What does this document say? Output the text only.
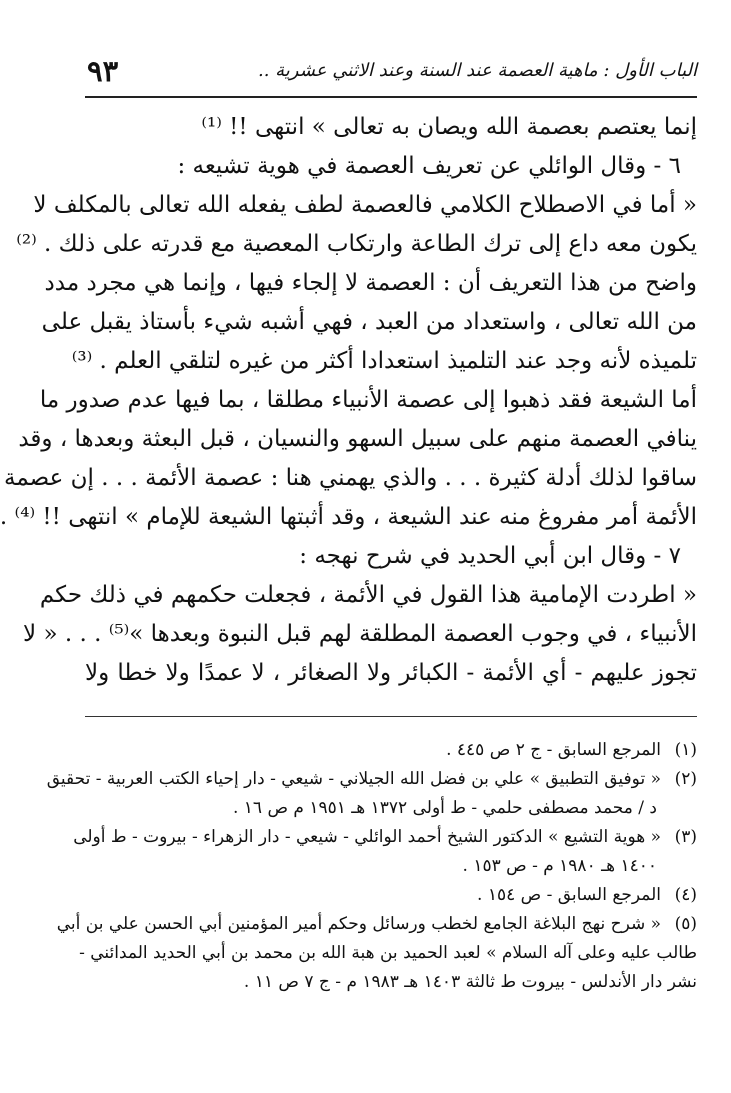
الباب الأول : ماهية العصمة عند السنة وعند الاثني عشرية ..
٩٣
إنما يعتصم بعصمة الله ويصان به تعالى » انتهى !! ⁽¹⁾
٦ - وقال الوائلي عن تعريف العصمة في هوية تشيعه :
« أما في الاصطلاح الكلامي فالعصمة لطف يفعله الله تعالى بالمكلف لا
يكون معه داع إلى ترك الطاعة وارتكاب المعصية مع قدرته على ذلك . ⁽²⁾
واضح من هذا التعريف أن : العصمة لا إلجاء فيها ، وإنما هي مجرد مدد
من الله تعالى ، واستعداد من العبد ، فهي أشبه شيء بأستاذ يقبل على
تلميذه لأنه وجد عند التلميذ استعدادا أكثر من غيره لتلقي العلم . ⁽³⁾
أما الشيعة فقد ذهبوا إلى عصمة الأنبياء مطلقا ، بما فيها عدم صدور ما
ينافي العصمة منهم على سبيل السهو والنسيان ، قبل البعثة وبعدها ، وقد
ساقوا لذلك أدلة كثيرة . . . والذي يهمني هنا : عصمة الأئمة . . . إن عصمة
الأئمة أمر مفروغ منه عند الشيعة ، وقد أثبتها الشيعة للإمام » انتهى !! ⁽⁴⁾ .
٧ - وقال ابن أبي الحديد في شرح نهجه :
« اطردت الإمامية هذا القول في الأئمة ، فجعلت حكمهم في ذلك حكم
الأنبياء ، في وجوب العصمة المطلقة لهم قبل النبوة وبعدها »⁽⁵⁾ . . . « لا
تجوز عليهم - أي الأئمة - الكبائر ولا الصغائر ، لا عمدًا ولا خطا ولا
(١)المرجع السابق - ج ٢ ص ٤٤٥ .
(٢)« توفيق التطبيق » علي بن فضل الله الجيلاني - شيعي - دار إحياء الكتب العربية - تحقيق
د / محمد مصطفى حلمي - ط أولى ١٣٧٢ هـ ١٩٥١ م ص ١٦ .
(٣)« هوية التشيع » الدكتور الشيخ أحمد الوائلي - شيعي - دار الزهراء - بيروت - ط أولى
١٤٠٠ هـ ١٩٨٠ م - ص ١٥٣ .
(٤)المرجع السابق - ص ١٥٤ .
(٥)« شرح نهج البلاغة الجامع لخطب ورسائل وحكم أمير المؤمنين أبي الحسن علي بن أبي
طالب عليه وعلى آله السلام » لعبد الحميد بن هبة الله بن محمد بن أبي الحديد المدائني -
نشر دار الأندلس - بيروت ط ثالثة ١٤٠٣ هـ ١٩٨٣ م - ج ٧ ص ١١ .
